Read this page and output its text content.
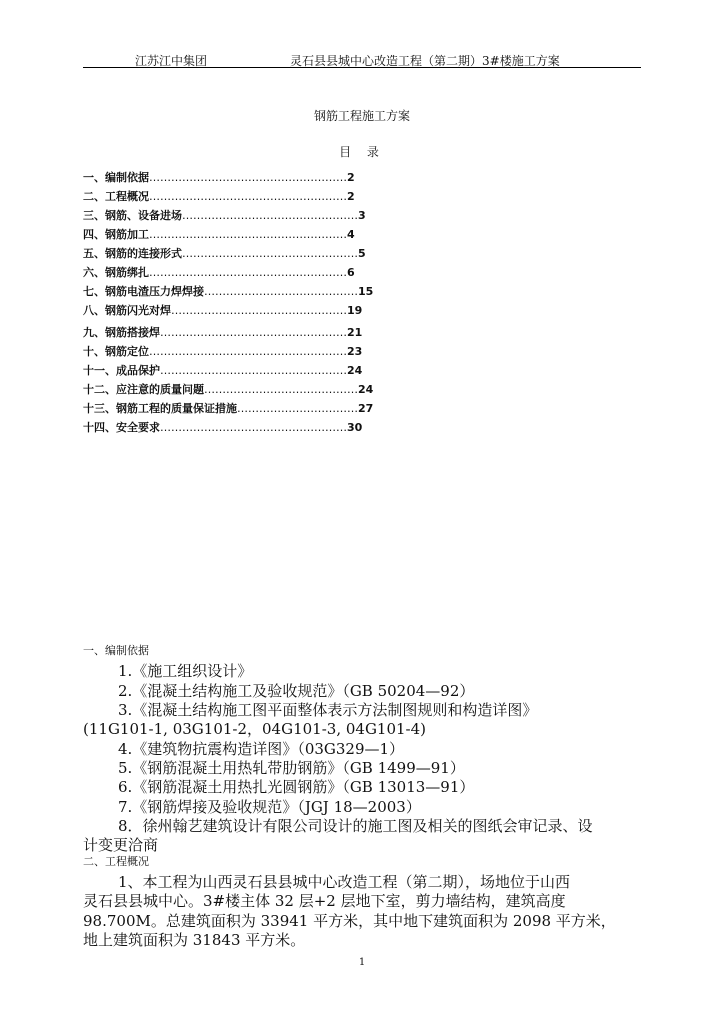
江苏江中集团	灵石县县城中心改造工程（第二期）3#楼施工方案
钢筋工程施工方案
目 录
一、编制依据………………………………………………2
二、工程概况………………………………………………2
三、钢筋、设备进场…………………………………………3
四、钢筋加工………………………………………………4
五、钢筋的连接形式…………………………………………5
六、钢筋绑扎………………………………………………6
七、钢筋电渣压力焊焊接……………………………………15
八、钢筋闪光对焊…………………………………………19
九、钢筋搭接焊……………………………………………21
十、钢筋定位………………………………………………23
十一、成品保护……………………………………………24
十二、应注意的质量问题……………………………………24
十三、钢筋工程的质量保证措施……………………………27
十四、安全要求……………………………………………30
一、编制依据
1.《施工组织设计》
2.《混凝土结构施工及验收规范》（GB 50204—92）
3.《混凝土结构施工图平面整体表示方法制图规则和构造详图》
(11G101-1, 03G101-2，04G101-3, 04G101-4)
4.《建筑物抗震构造详图》（03G329—1）
5.《钢筋混凝土用热轧带肋钢筋》（GB 1499—91）
6.《钢筋混凝土用热扎光圆钢筋》（GB 13013—91）
7.《钢筋焊接及验收规范》（JGJ 18—2003）
8．徐州翰艺建筑设计有限公司设计的施工图及相关的图纸会审记录、设
计变更洽商
二、工程概况
1、本工程为山西灵石县县城中心改造工程（第二期），场地位于山西
灵石县县城中心。3#楼主体 32 层+2 层地下室，剪力墙结构，建筑高度
98.700M。总建筑面积为 33941 平方米，其中地下建筑面积为 2098 平方米，
地上建筑面积为 31843 平方米。
1
